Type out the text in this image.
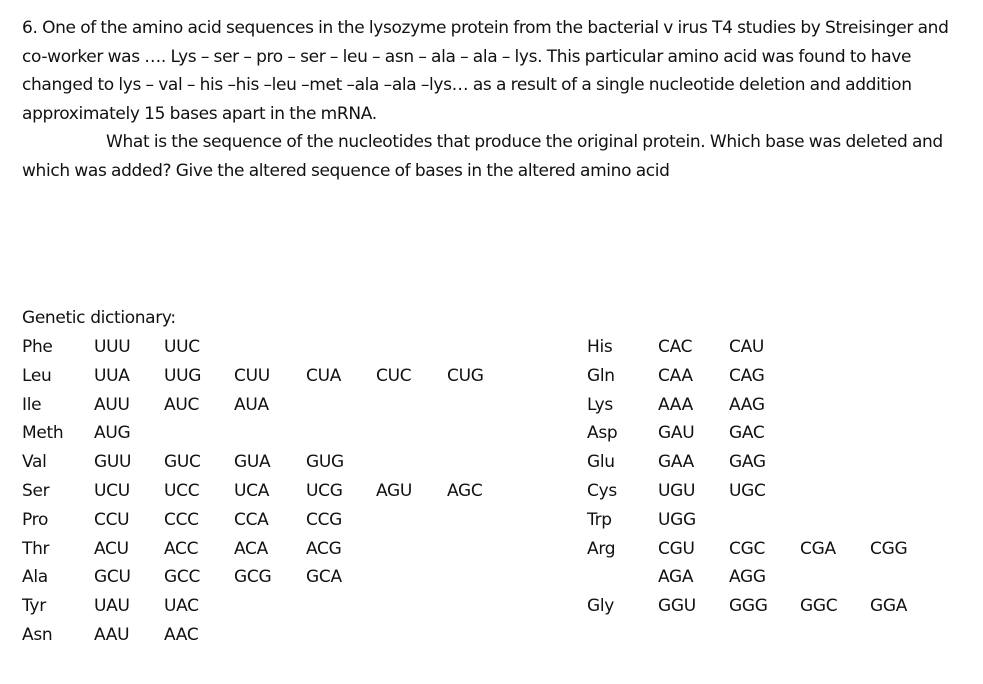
6. One of the amino acid sequences in the lysozyme protein from the bacterial v irus T4 studies by Streisinger and co-worker was …. Lys – ser – pro – ser – leu – asn – ala – ala – lys. This particular amino acid was found to have changed to lys – val – his –his –leu –met –ala –ala –lys… as a result of a single nucleotide deletion and addition approximately 15 bases apart in the mRNA.

What is the sequence of the nucleotides that produce the original protein. Which base was deleted and which was added? Give the altered sequence of bases in the altered amino acid

Genetic dictionary:
Phe UUU UUC
Leu UUA UUG CUU CUA CUC CUG
Ile	AUU AUC AUA
Meth AUG
Val	GUU GUC GUA GUG
Ser	UCU UCC UCA UCG AGU AGC
Pro	CCU CCC CCA CCG
Thr	ACU ACC ACA ACG
Ala	GCU GCC GCG GCA
Tyr	UAU UAC
Asn AAU AAC
His	CAC CAU
Gln	CAA CAG
Lys	AAA AAG
Asp GAU GAC
Glu	GAA GAG
Cys UGU UGC
Trp	UGG
Arg	CGU CGC CGA CGG
AGA AGG
Gly	GGU GGG GGC GGA
